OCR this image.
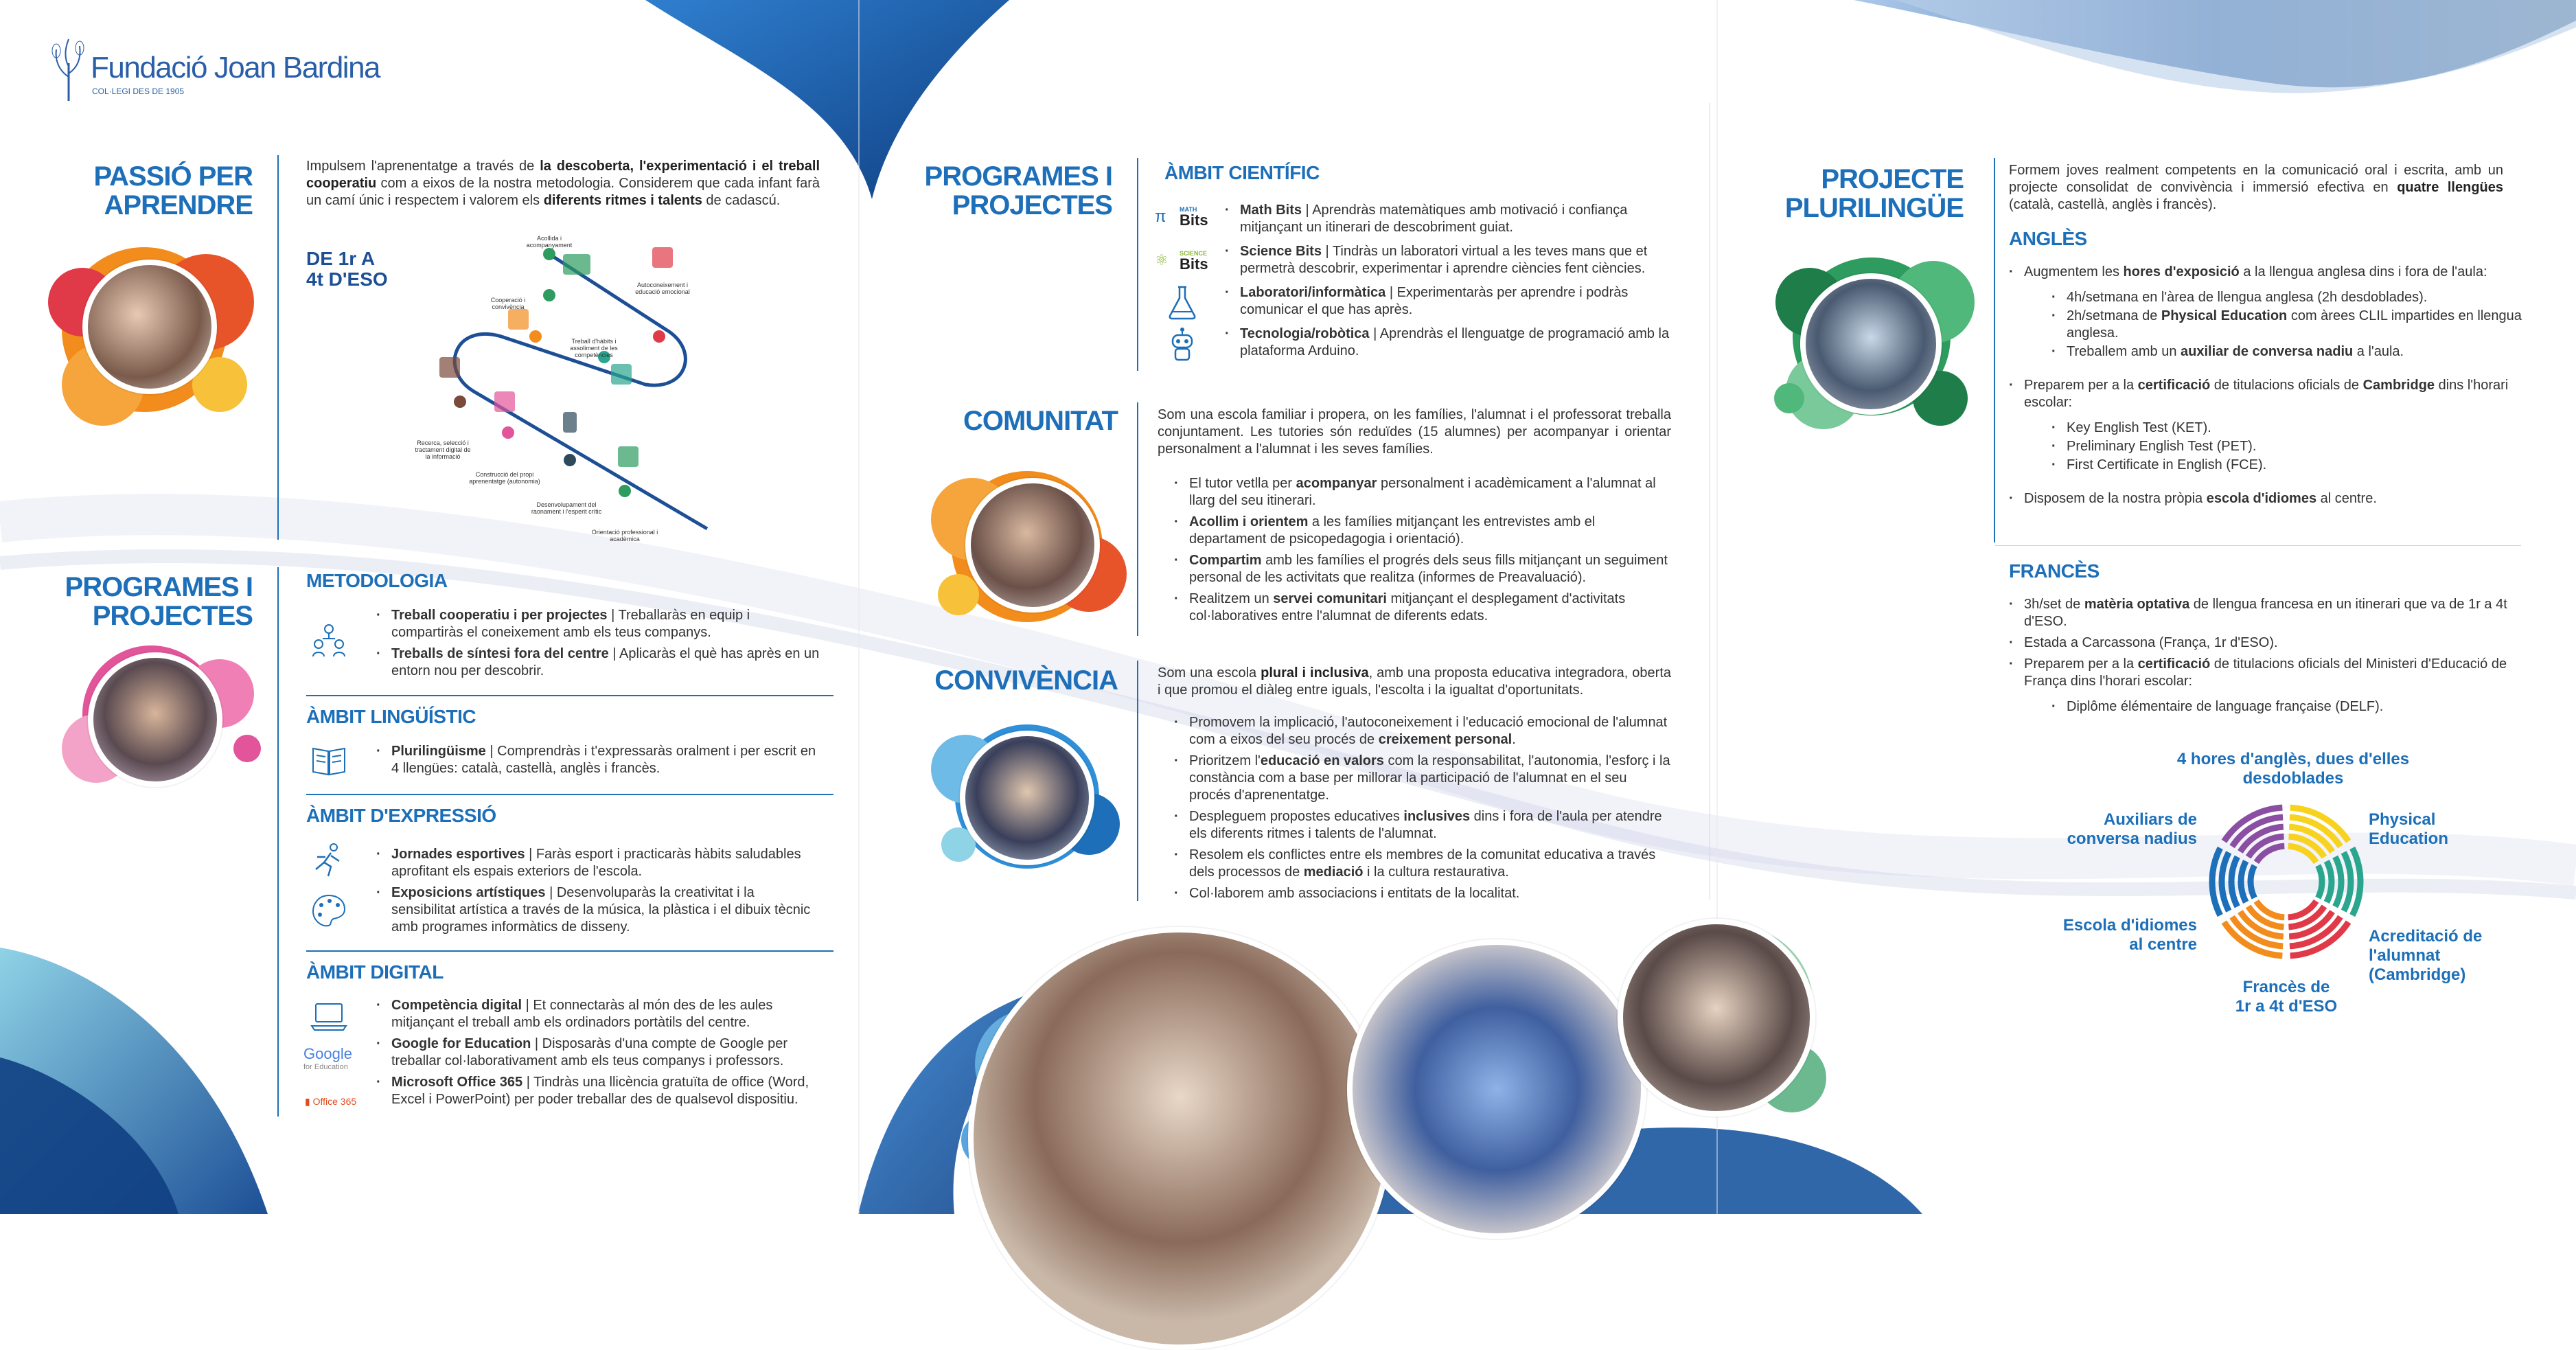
Fundació Joan Bardina
COL·LEGI DES DE 1905
PASSIÓ PER
APRENDRE
Impulsem l'aprenentatge a través de la descoberta, l'experimentació i el treball cooperatiu com a eixos de la nostra metodologia. Considerem que cada infant farà un camí únic i respectem i valorem els diferents ritmes i talents de cadascú.
DE 1r A
4t D'ESO
Acollida i acompanyament
Autoconeixement i educació emocional
Cooperació i convivència
Treball d'hàbits i assoliment de les competències
Recerca, selecció i tractament digital de la informació
Construcció del propi aprenentatge (autonomia)
Desenvolupament del raonament i l'esperit crític
Orientació professional i acadèmica
PROGRAMES I
PROJECTES
METODOLOGIA
· Treball cooperatiu i per projectes | Treballaràs en equip i compartiràs el coneixement amb els teus companys.
· Treballs de síntesi fora del centre | Aplicaràs el què has après en un entorn nou per descobrir.
ÀMBIT LINGÜÍSTIC
· Plurilingüisme | Comprendràs i t'expressaràs oralment i per escrit en 4 llengües: català, castellà, anglès i francès.
ÀMBIT D'EXPRESSIÓ
· Jornades esportives | Faràs esport i practicaràs hàbits saludables aprofitant els espais exteriors de l'escola.
· Exposicions artístiques | Desenvoluparàs la creativitat i la sensibilitat artística a través de la música, la plàstica i el dibuix tècnic amb programes informàtics de disseny.
ÀMBIT DIGITAL
Google
for Education
▮ Office 365
· Competència digital | Et connectaràs al món des de les aules mitjançant el treball amb els ordinadors portàtils del centre.
· Google for Education | Disposaràs d'una compte de Google per treballar col·laborativament amb els teus companys i professors.
· Microsoft Office 365 | Tindràs una llicència gratuïta de office (Word, Excel i PowerPoint) per poder treballar des de qualsevol dispositiu.
PROGRAMES I
PROJECTES
ÀMBIT CIENTÍFIC
π MATH
Bits
⚛ SCIENCE
Bits
· Math Bits | Aprendràs matemàtiques amb motivació i confiança mitjançant un itinerari de descobriment guiat.
· Science Bits | Tindràs un laboratori virtual a les teves mans que et permetrà descobrir, experimentar i aprendre ciències fent ciències.
· Laboratori/informàtica | Experimentaràs per aprendre i podràs comunicar el que has après.
· Tecnologia/robòtica | Aprendràs el llenguatge de programació amb la plataforma Arduino.
COMUNITAT	Som una escola familiar i propera, on les famílies, l'alumnat i el professorat treballa conjuntament. Les tutories són reduïdes (15 alumnes) per acompanyar i orientar personalment a l'alumnat i les seves famílies.
· El tutor vetlla per acompanyar personalment i acadèmicament a l'alumnat al llarg del seu itinerari.
· Acollim i orientem a les famílies mitjançant les entrevistes amb el departament de psicopedagogia i orientació).
· Compartim amb les famílies el progrés dels seus fills mitjançant un seguiment personal de les activitats que realitza (informes de Preavaluació).
· Realitzem un servei comunitari mitjançant el desplegament d'activitats col·laboratives entre l'alumnat de diferents edats.
CONVIVÈNCIA	Som una escola plural i inclusiva, amb una proposta educativa integradora, oberta i que promou el diàleg entre iguals, l'escolta i la igualtat d'oportunitats.
· Promovem la implicació, l'autoconeixement i l'educació emocional de l'alumnat com a eixos del seu procés de creixement personal.
· Prioritzem l'educació en valors com la responsabilitat, l'autonomia, l'esforç i la constància com a base per millorar la participació de l'alumnat en el seu procés d'aprenentatge.
· Despleguem propostes educatives inclusives dins i fora de l'aula per atendre els diferents ritmes i talents de l'alumnat.
· Resolem els conflictes entre els membres de la comunitat educativa a través dels processos de mediació i la cultura restaurativa.
· Col·laborem amb associacions i entitats de la localitat.
PROJECTE
PLURILINGÜE
Formem joves realment competents en la comunicació oral i escrita, amb un projecte consolidat de convivència i immersió efectiva en quatre llengües (català, castellà, anglès i francès).
ANGLÈS
· Augmentem les hores d'exposició a la llengua anglesa dins i fora de l'aula:
· 4h/setmana en l'àrea de llengua anglesa (2h desdoblades).
· 2h/setmana de Physical Education com àrees CLIL impartides en llengua anglesa.
· Treballem amb un auxiliar de conversa nadiu a l'aula.
· Preparem per a la certificació de titulacions oficials de Cambridge dins l'horari escolar:
· Key English Test (KET).
· Preliminary English Test (PET).
· First Certificate in English (FCE).
· Disposem de la nostra pròpia escola d'idiomes al centre.
FRANCÈS
· 3h/set de matèria optativa de llengua francesa en un itinerari que va de 1r a 4t d'ESO.
· Estada a Carcassona (França, 1r d'ESO).
· Preparem per a la certificació de titulacions oficials del Ministeri d'Educació de França dins l'horari escolar:
· Diplôme élémentaire de language française (DELF).
4 hores d'anglès, dues d'elles
desdoblades
Auxiliars de
conversa nadius
Physical
Education
Escola d'idiomes
al centre	Acreditació de
l'alumnat
(Cambridge)
Francès de
1r a 4t d'ESO
